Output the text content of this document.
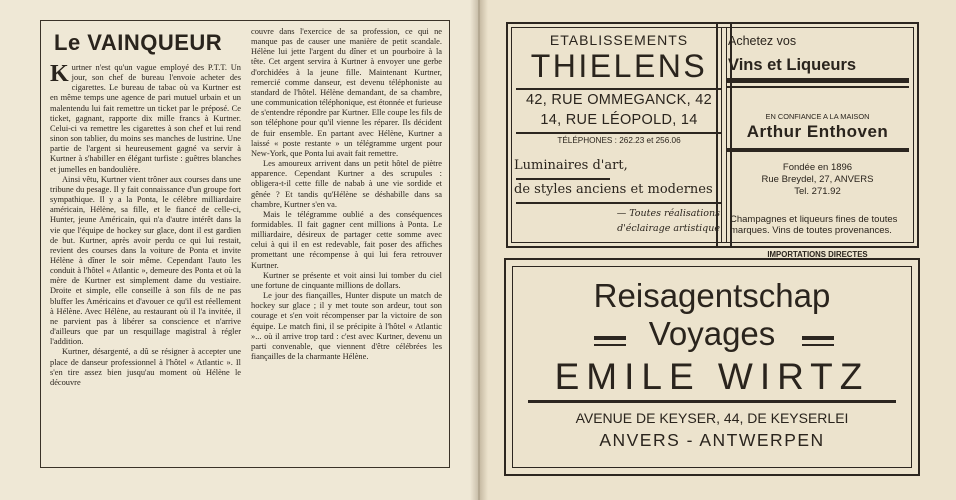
Le VAINQUEUR

Kurtner n'est qu'un vague employé des P.T.T. Un jour, son chef de bureau l'envoie acheter des cigarettes. Le bureau de tabac où va Kurtner est en même temps une agence de pari mutuel urbain et un malentendu lui fait remettre un ticket par le préposé. Ce ticket, gagnant, rapporte dix mille francs à Kurtner. Celui-ci va remettre les cigarettes à son chef et lui rend sinon son tablier, du moins ses manches de lustrine. Une partie de l'argent si heureusement gagné va servir à Kurtner à s'habiller en élégant turfiste : guêtres blanches et jumelles en bandoulière.

Ainsi vêtu, Kurtner vient trôner aux courses dans une tribune du pesage. Il y fait connaissance d'un groupe fort sympathique. Il y a la Ponta, le célèbre milliardaire américain, Hélène, sa fille, et le fiancé de celle-ci, Hunter, jeune Américain, qui n'a d'autre intérêt dans la vie que l'équipe de hockey sur glace, dont il est gardien de but. Kurtner, après avoir perdu ce qui lui restait, revient des courses dans la voiture de Ponta et invite Hélène à dîner le soir même. Cependant l'auto les conduit à l'hôtel « Atlantic », demeure des Ponta et où la mère de Kurtner est simplement dame du vestiaire. Droite et simple, elle conseille à son fils de ne pas bluffer les Américains et d'avouer ce qu'il est réellement à Hélène. Avec Hélène, au restaurant où il l'a invitée, il ne parvient pas à libérer sa conscience et n'arrive d'ailleurs que par un resquillage magistral à régler l'addition.

Kurtner, désargenté, a dû se résigner à accepter une place de danseur professionnel à l'hôtel « Atlantic ». Il s'en tire assez bien jusqu'au moment où Hélène le découvre

couvre dans l'exercice de sa profession, ce qui ne manque pas de causer une manière de petit scandale. Hélène lui jette l'argent du dîner et un pourboire à la tête. Cet argent servira à Kurtner à envoyer une gerbe d'orchidées à la jeune fille. Maintenant Kurtner, remercié comme danseur, est devenu téléphoniste au standard de l'hôtel. Hélène demandant, de sa chambre, une communication téléphonique, est étonnée et furieuse de s'entendre répondre par Kurtner. Elle coupe les fils de son téléphone pour qu'il vienne les réparer. Ils décident de fuir ensemble. En partant avec Hélène, Kurtner a laissé « poste restante » un télégramme urgent pour New-York, que Ponta lui avait fait remettre.

Les amoureux arrivent dans un petit hôtel de piètre apparence. Cependant Kurtner a des scrupules : obligera-t-il cette fille de nabab à une vie sordide et gênée ? Et tandis qu'Hélène se déshabille dans sa chambre, Kurtner s'en va.

Mais le télégramme oublié a des conséquences formidables. Il fait gagner cent millions à Ponta. Le milliardaire, désireux de partager cette somme avec celui à qui il en est redevable, fait poser des affiches promettant une récompense à qui lui fera retrouver Kurtner.

Kurtner se présente et voit ainsi lui tomber du ciel une fortune de cinquante millions de dollars.

Le jour des fiançailles, Hunter dispute un match de hockey sur glace ; il y met toute son ardeur, tout son courage et s'en voit récompenser par la victoire de son équipe. Le match fini, il se précipite à l'hôtel « Atlantic »... où il arrive trop tard : c'est avec Kurtner, devenu un parti convenable, que viennent d'être célébrées les fiançailles de la charmante Hélène.

ETABLISSEMENTS
THIELENS
42, RUE OMMEGANCK, 42
14, RUE LÉOPOLD, 14
TÉLÉPHONES : 262.23 et 256.06
Luminaires d'art,
de styles anciens et modernes
— Toutes réalisations
d'éclairage artistique
Achetez vos
Vins et Liqueurs
EN CONFIANCE A LA MAISON
Arthur Enthoven
Fondée en 1896
Rue Breydel, 27, ANVERS
Tel. 271.92
Champagnes et liqueurs fines de toutes marques. Vins de toutes provenances.
IMPORTATIONS DIRECTES
Reisagentschap
Voyages
EMILE WIRTZ
AVENUE DE KEYSER, 44, DE KEYSERLEI
ANVERS - ANTWERPEN
